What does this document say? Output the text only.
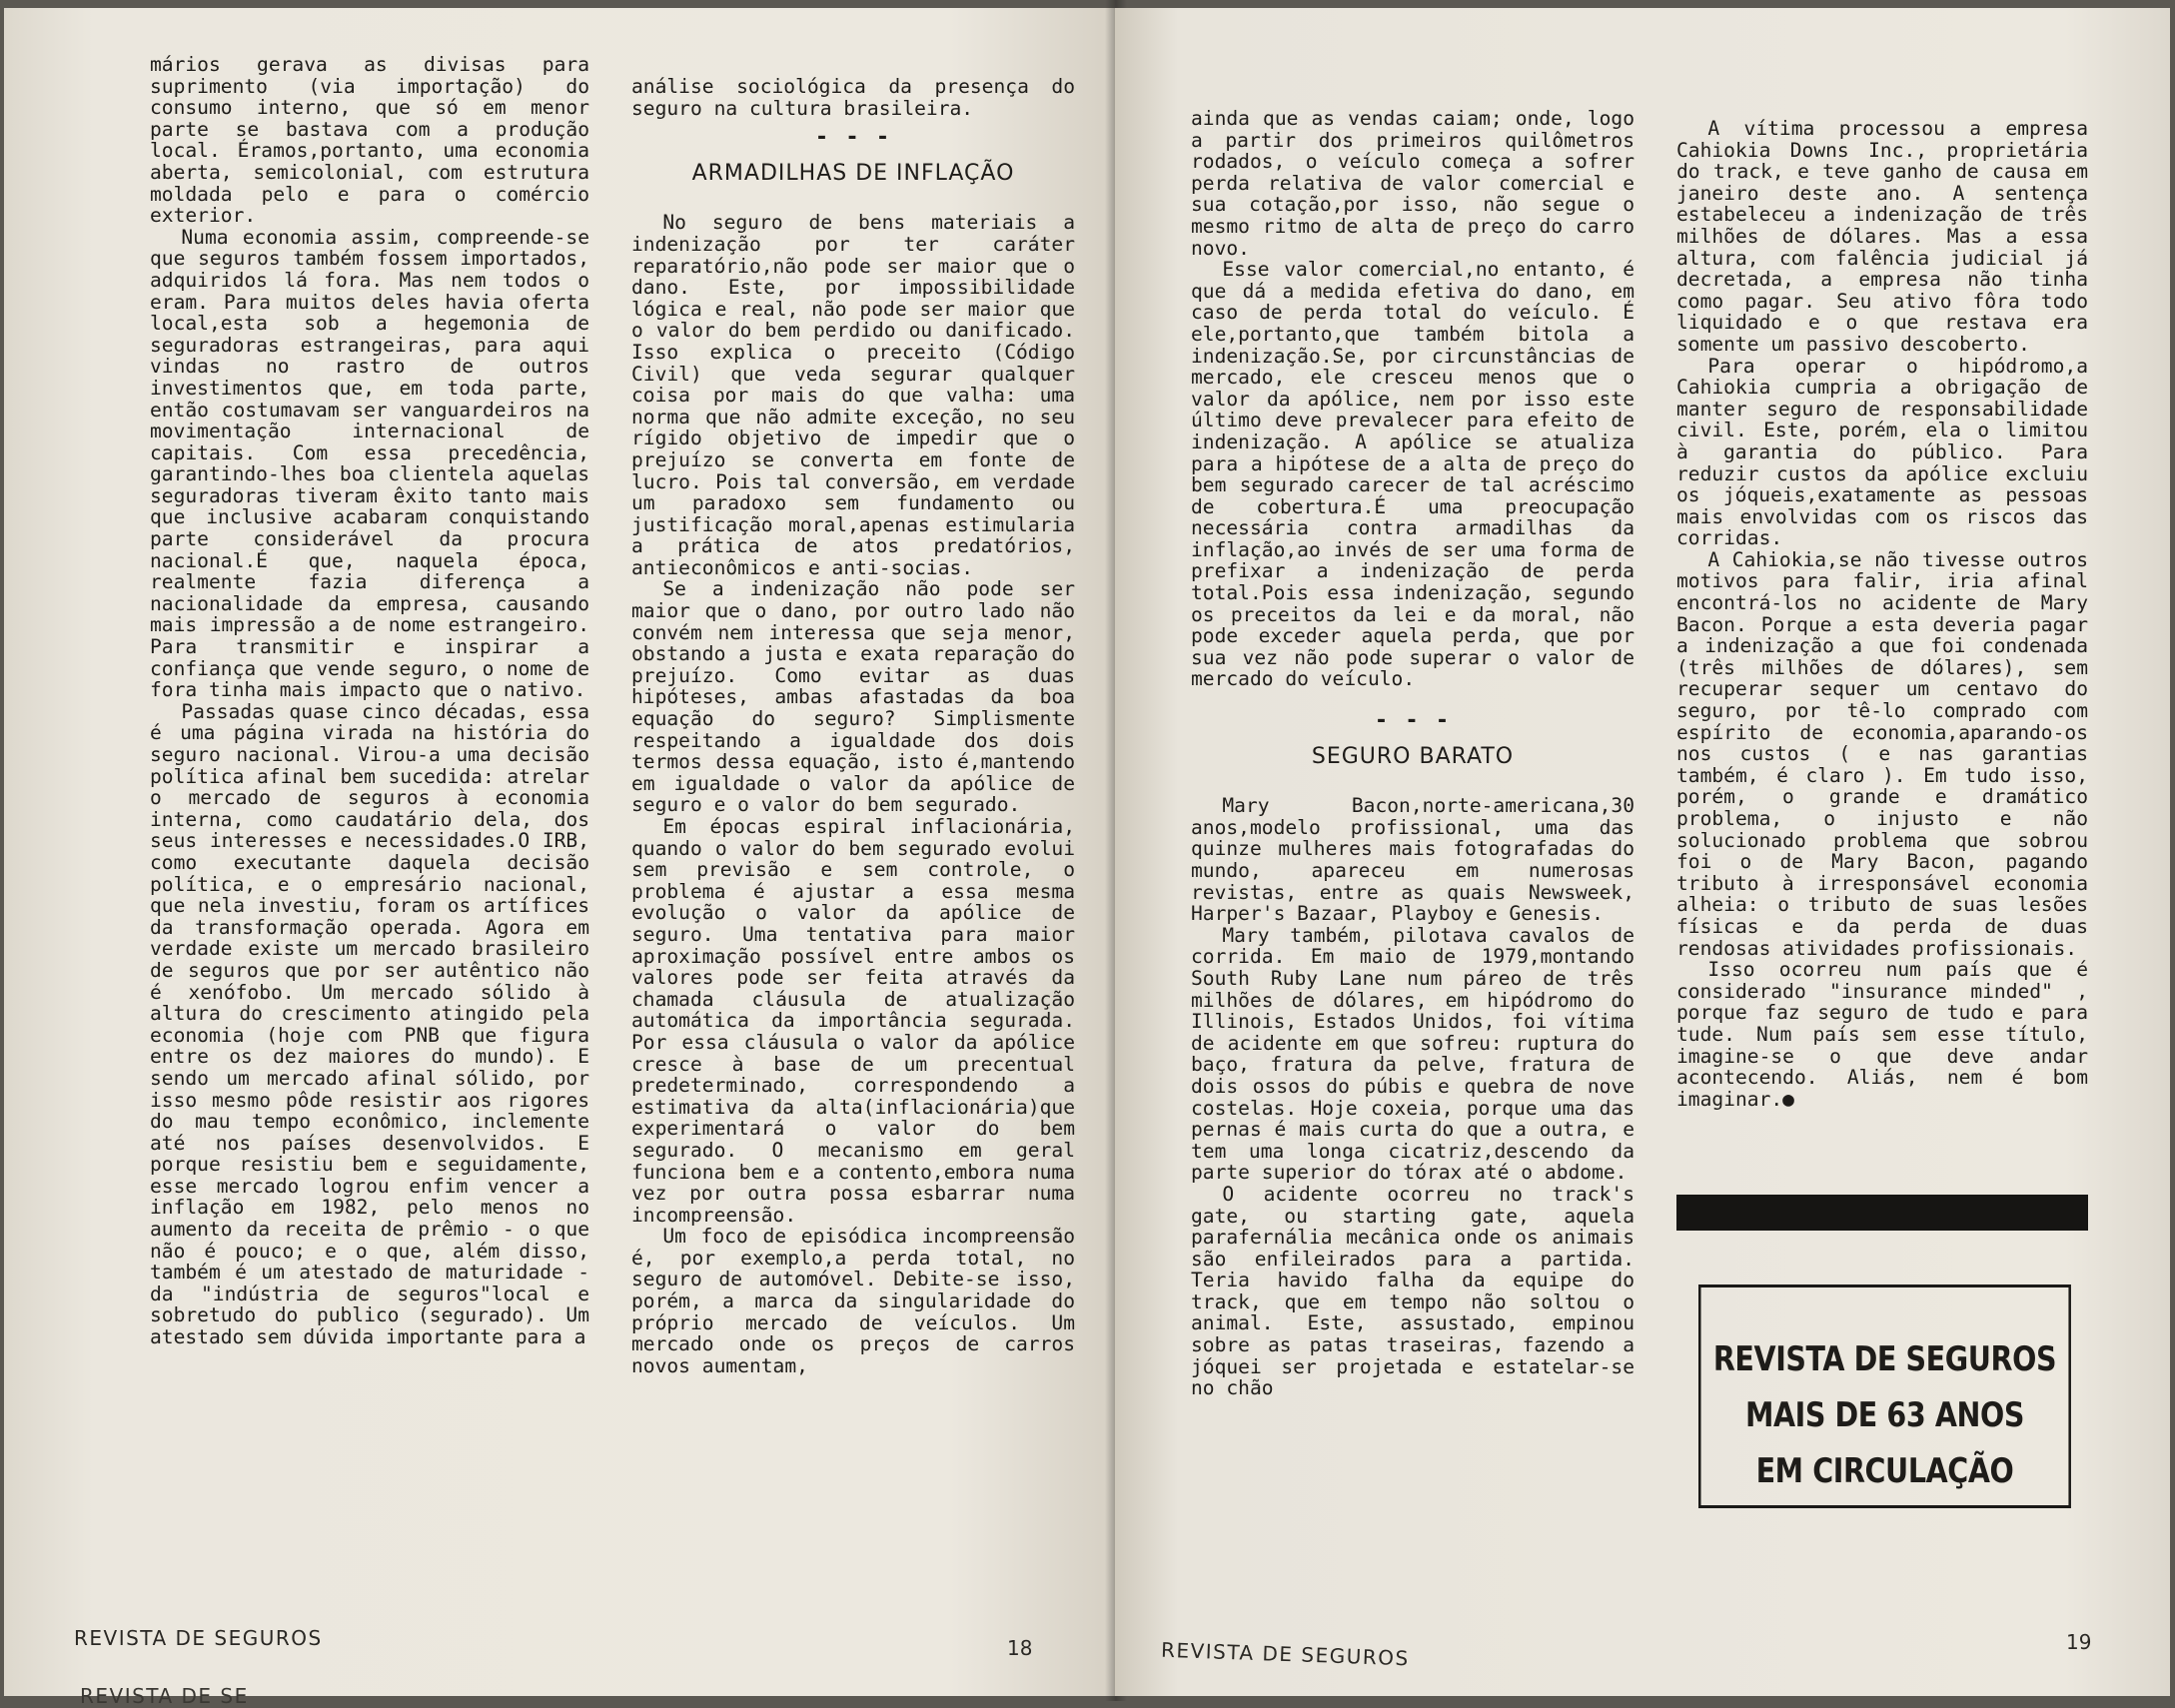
mários gerava as divisas para suprimento (via importação) do consumo interno, que só em menor parte se bastava com a produção local. Éramos,portanto, uma economia aberta, semicolonial, com estrutura moldada pelo e para o comércio exterior.

Numa economia assim, compreende-se que seguros também fossem importados, adquiridos lá fora. Mas nem todos o eram. Para muitos deles havia oferta local,esta sob a hegemonia de seguradoras estrangeiras, para aqui vindas no rastro de outros investimentos que, em toda parte, então costumavam ser vanguardeiros na movimentação internacional de capitais. Com essa precedência, garantindo-lhes boa clientela aquelas seguradoras tiveram êxito tanto mais que inclusive acabaram conquistando parte considerável da procura nacional.É que, naquela época, realmente fazia diferença a nacionalidade da empresa, causando mais impressão a de nome estrangeiro. Para transmitir e inspirar a confiança que vende seguro, o nome de fora tinha mais impacto que o nativo.

Passadas quase cinco décadas, essa é uma página virada na história do seguro nacional. Virou-a uma decisão política afinal bem sucedida: atrelar o mercado de seguros à economia interna, como caudatário dela, dos seus interesses e necessidades.O IRB, como executante daquela decisão política, e o empresário nacional, que nela investiu, foram os artífices da transformação operada. Agora em verdade existe um mercado brasileiro de seguros que por ser autêntico não é xenófobo. Um mercado sólido à altura do crescimento atingido pela economia (hoje com PNB que figura entre os dez maiores do mundo). E sendo um mercado afinal sólido, por isso mesmo pôde resistir aos rigores do mau tempo econômico, inclemente até nos países desenvolvidos. E porque resistiu bem e seguidamente, esse mercado logrou enfim vencer a inflação em 1982, pelo menos no aumento da receita de prêmio - o que não é pouco; e o que, além disso, também é um atestado de maturidade - da "indústria de seguros"local e sobretudo do publico (segurado). Um atestado sem dúvida importante para a

análise sociológica da presença do seguro na cultura brasileira.

- - -
ARMADILHAS DE INFLAÇÃO

No seguro de bens materiais a indenização por ter caráter reparatório,não pode ser maior que o dano. Este, por impossibilidade lógica e real, não pode ser maior que o valor do bem perdido ou danificado. Isso explica o preceito (Código Civil) que veda segurar qualquer coisa por mais do que valha: uma norma que não admite exceção, no seu rígido objetivo de impedir que o prejuízo se converta em fonte de lucro. Pois tal conversão, em verdade um paradoxo sem fundamento ou justificação moral,apenas estimularia a prática de atos predatórios, antieconômicos e anti-socias.

Se a indenização não pode ser maior que o dano, por outro lado não convém nem interessa que seja menor, obstando a justa e exata reparação do prejuízo. Como evitar as duas hipóteses, ambas afastadas da boa equação do seguro? Simplismente respeitando a igualdade dos dois termos dessa equação, isto é,mantendo em igualdade o valor da apólice de seguro e o valor do bem segurado.

Em épocas espiral inflacionária, quando o valor do bem segurado evolui sem previsão e sem controle, o problema é ajustar a essa mesma evolução o valor da apólice de seguro. Uma tentativa para maior aproximação possível entre ambos os valores pode ser feita através da chamada cláusula de atualização automática da importância segurada. Por essa cláusula o valor da apólice cresce à base de um precentual predeterminado, correspondendo a estimativa da alta(inflacionária)que experimentará o valor do bem segurado. O mecanismo em geral funciona bem e a contento,embora numa vez por outra possa esbarrar numa incompreensão.

Um foco de episódica incompreensão é, por exemplo,a perda total, no seguro de automóvel. Debite-se isso, porém, a marca da singularidade do próprio mercado de veículos. Um mercado onde os preços de carros novos aumentam,

REVISTA DE SEGUROS	18

ainda que as vendas caiam; onde, logo a partir dos primeiros quilômetros rodados, o veículo começa a sofrer perda relativa de valor comercial e sua cotação,por isso, não segue o mesmo ritmo de alta de preço do carro novo.

Esse valor comercial,no entanto, é que dá a medida efetiva do dano, em caso de perda total do veículo. É ele,portanto,que também bitola a indenização.Se, por circunstâncias de mercado, ele cresceu menos que o valor da apólice, nem por isso este último deve prevalecer para efeito de indenização. A apólice se atualiza para a hipótese de a alta de preço do bem segurado carecer de tal acréscimo de cobertura.É uma preocupação necessária contra armadilhas da inflação,ao invés de ser uma forma de prefixar a indenização de perda total.Pois essa indenização, segundo os preceitos da lei e da moral, não pode exceder aquela perda, que por sua vez não pode superar o valor de mercado do veículo.

- - -
SEGURO BARATO

Mary Bacon,norte-americana,30 anos,modelo profissional, uma das quinze mulheres mais fotografadas do mundo, apareceu em numerosas revistas, entre as quais Newsweek, Harper's Bazaar, Playboy e Genesis.

Mary também, pilotava cavalos de corrida. Em maio de 1979,montando South Ruby Lane num páreo de três milhões de dólares, em hipódromo do Illinois, Estados Unidos, foi vítima de acidente em que sofreu: ruptura do baço, fratura da pelve, fratura de dois ossos do púbis e quebra de nove costelas. Hoje coxeia, porque uma das pernas é mais curta do que a outra, e tem uma longa cicatriz,descendo da parte superior do tórax até o abdome.

O acidente ocorreu no track's gate, ou starting gate, aquela parafernália mecânica onde os animais são enfileirados para a partida. Teria havido falha da equipe do track, que em tempo não soltou o animal. Este, assustado, empinou sobre as patas traseiras, fazendo a jóquei ser projetada e estatelar-se no chão

A vítima processou a empresa Cahiokia Downs Inc., proprietária do track, e teve ganho de causa em janeiro deste ano. A sentença estabeleceu a indenização de três milhões de dólares. Mas a essa altura, com falência judicial já decretada, a empresa não tinha como pagar. Seu ativo fôra todo liquidado e o que restava era somente um passivo descoberto.

Para operar o hipódromo,a Cahiokia cumpria a obrigação de manter seguro de responsabilidade civil. Este, porém, ela o limitou à garantia do público. Para reduzir custos da apólice excluiu os jóqueis,exatamente as pessoas mais envolvidas com os riscos das corridas.

A Cahiokia,se não tivesse outros motivos para falir, iria afinal encontrá-los no acidente de Mary Bacon. Porque a esta deveria pagar a indenização a que foi condenada (três milhões de dólares), sem recuperar sequer um centavo do seguro, por tê-lo comprado com espírito de economia,aparando-os nos custos ( e nas garantias também, é claro ). Em tudo isso, porém, o grande e dramático problema, o injusto e não solucionado problema que sobrou foi o de Mary Bacon, pagando tributo à irresponsável economia alheia: o tributo de suas lesões físicas e da perda de duas rendosas atividades profissionais.

Isso ocorreu num país que é considerado "insurance minded" , porque faz seguro de tudo e para tude. Num país sem esse título, imagine-se o que deve andar acontecendo. Aliás, nem é bom imaginar.●

REVISTA DE SEGUROS	19
REVISTA DE SEGUROS
MAIS DE 63 ANOS
EM CIRCULAÇÃO
REVISTA DE SE
